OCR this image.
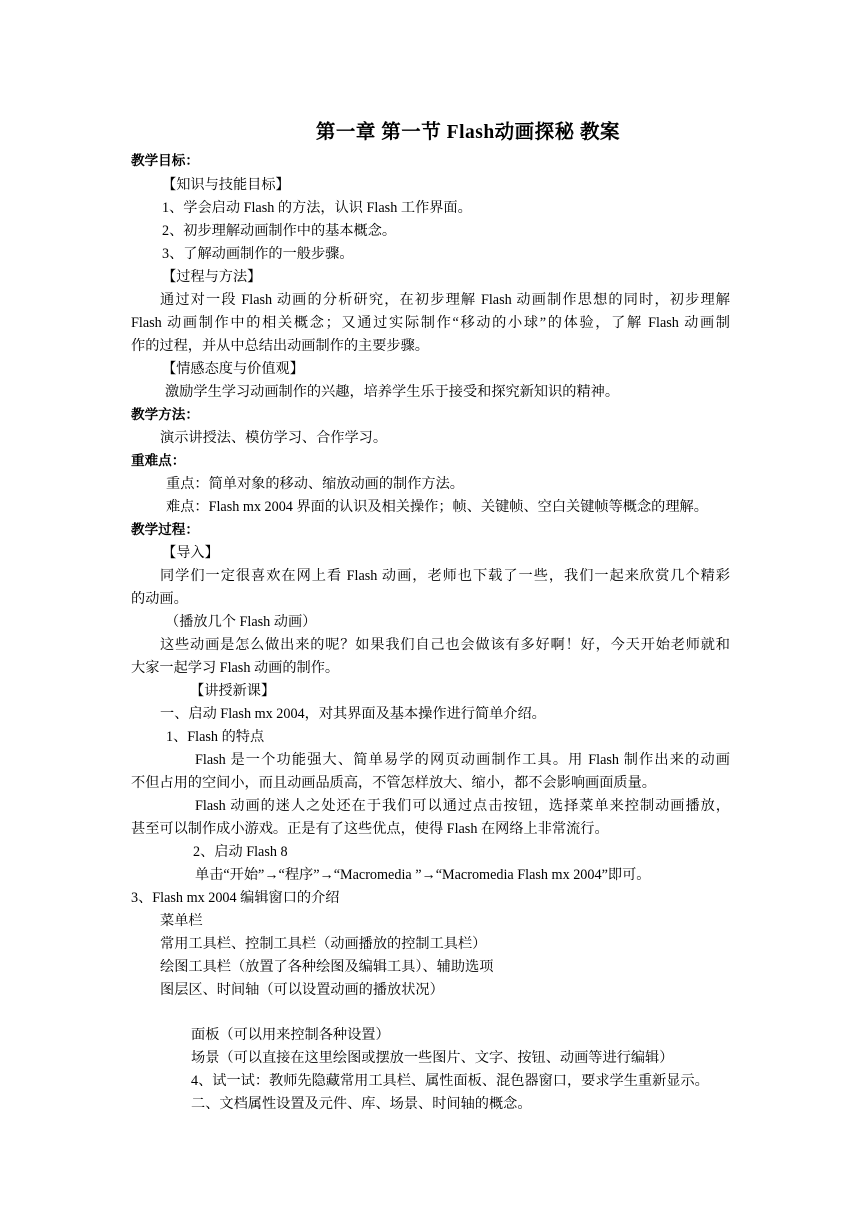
第一章 第一节 Flash动画探秘 教案
教学目标：
【知识与技能目标】
1、学会启动 Flash 的方法，认识 Flash 工作界面。
2、初步理解动画制作中的基本概念。
3、了解动画制作的一般步骤。
【过程与方法】
通过对一段 Flash 动画的分析研究，在初步理解 Flash 动画制作思想的同时，初步理解
Flash 动画制作中的相关概念；又通过实际制作“移动的小球”的体验，了解 Flash 动画制
作的过程，并从中总结出动画制作的主要步骤。
【情感态度与价值观】
激励学生学习动画制作的兴趣，培养学生乐于接受和探究新知识的精神。
教学方法：
演示讲授法、模仿学习、合作学习。
重难点：
重点：简单对象的移动、缩放动画的制作方法。
难点：Flash mx 2004 界面的认识及相关操作；帧、关键帧、空白关键帧等概念的理解。
教学过程：
【导入】
同学们一定很喜欢在网上看 Flash 动画，老师也下载了一些，我们一起来欣赏几个精彩
的动画。
（播放几个 Flash 动画）
这些动画是怎么做出来的呢？如果我们自己也会做该有多好啊！好，今天开始老师就和
大家一起学习 Flash 动画的制作。
【讲授新课】
一、启动 Flash mx 2004，对其界面及基本操作进行简单介绍。
1、Flash 的特点
Flash 是一个功能强大、简单易学的网页动画制作工具。用 Flash 制作出来的动画
不但占用的空间小，而且动画品质高，不管怎样放大、缩小，都不会影响画面质量。
Flash 动画的迷人之处还在于我们可以通过点击按钮，选择菜单来控制动画播放，
甚至可以制作成小游戏。正是有了这些优点，使得 Flash 在网络上非常流行。
2、启动 Flash 8
单击“开始”→“程序”→“Macromedia ”→“Macromedia Flash mx 2004”即可。
3、Flash mx 2004 编辑窗口的介绍
菜单栏
常用工具栏、控制工具栏（动画播放的控制工具栏）
绘图工具栏（放置了各种绘图及编辑工具）、辅助选项
图层区、时间轴（可以设置动画的播放状况）
面板（可以用来控制各种设置）
场景（可以直接在这里绘图或摆放一些图片、文字、按钮、动画等进行编辑）
4、试一试：教师先隐藏常用工具栏、属性面板、混色器窗口，要求学生重新显示。
二、文档属性设置及元件、库、场景、时间轴的概念。
